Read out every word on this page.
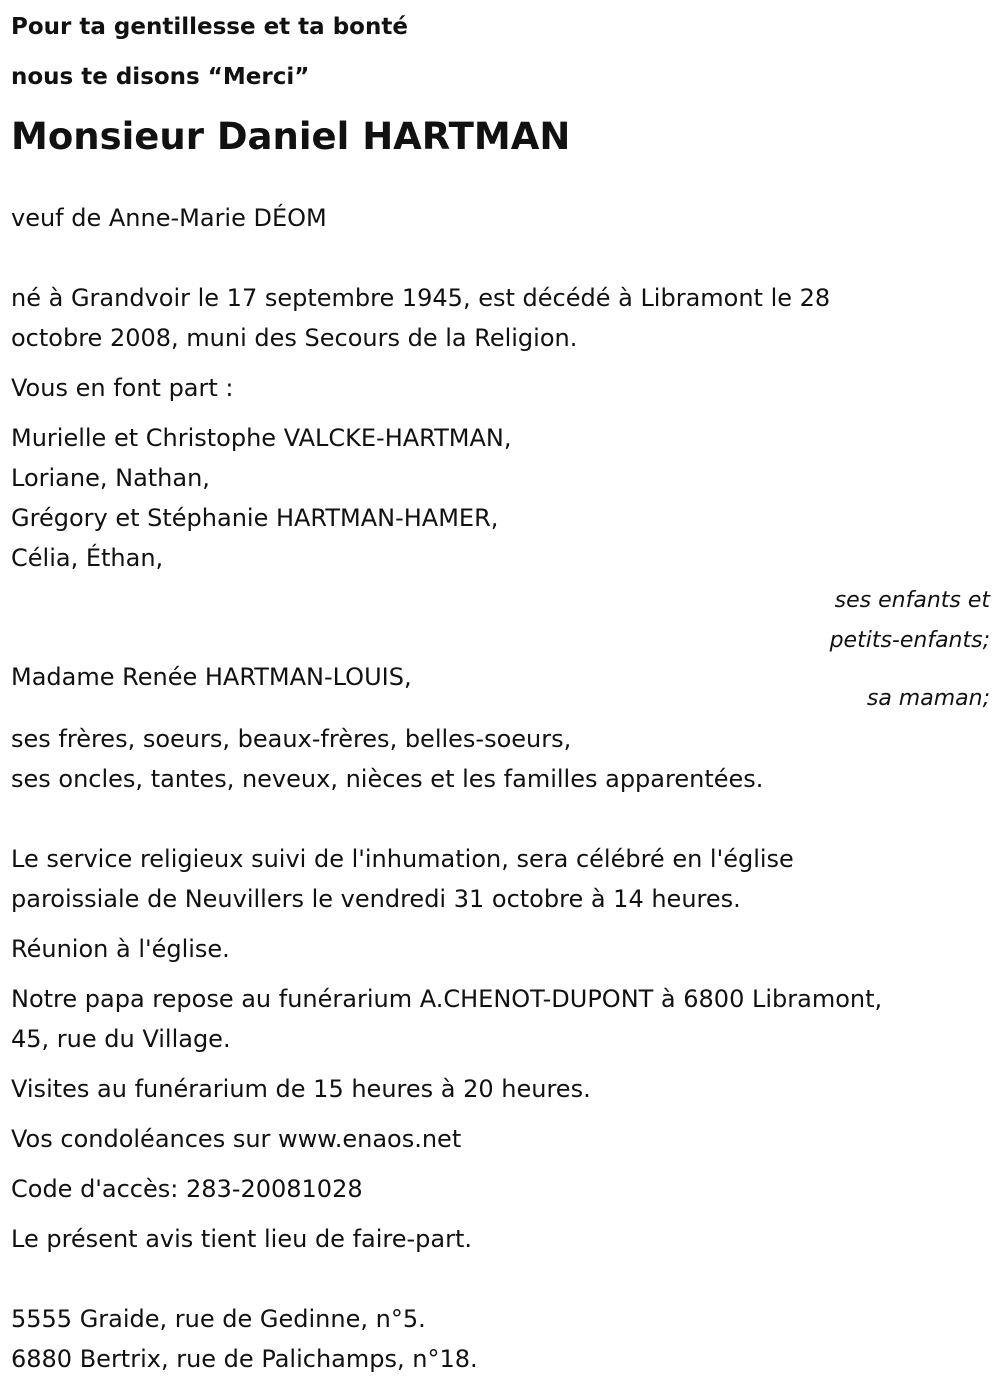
Pour ta gentillesse et ta bonté
nous te disons “Merci”
Monsieur Daniel HARTMAN
veuf de Anne-Marie DÉOM
né à Grandvoir le 17 septembre 1945, est décédé à Libramont le 28
octobre 2008, muni des Secours de la Religion.
Vous en font part :
Murielle et Christophe VALCKE-HARTMAN,
Loriane, Nathan,
Grégory et Stéphanie HARTMAN-HAMER,
Célia, Éthan,
ses enfants et
petits-enfants;
Madame Renée HARTMAN-LOUIS,
sa maman;
ses frères, soeurs, beaux-frères, belles-soeurs,
ses oncles, tantes, neveux, nièces et les familles apparentées.
Le service religieux suivi de l'inhumation, sera célébré en l'église
paroissiale de Neuvillers le vendredi 31 octobre à 14 heures.
Réunion à l'église.
Notre papa repose au funérarium A.CHENOT-DUPONT à 6800 Libramont,
45, rue du Village.
Visites au funérarium de 15 heures à 20 heures.
Vos condoléances sur www.enaos.net
Code d'accès: 283-20081028
Le présent avis tient lieu de faire-part.
5555 Graide, rue de Gedinne, n°5.
6880 Bertrix, rue de Palichamps, n°18.
